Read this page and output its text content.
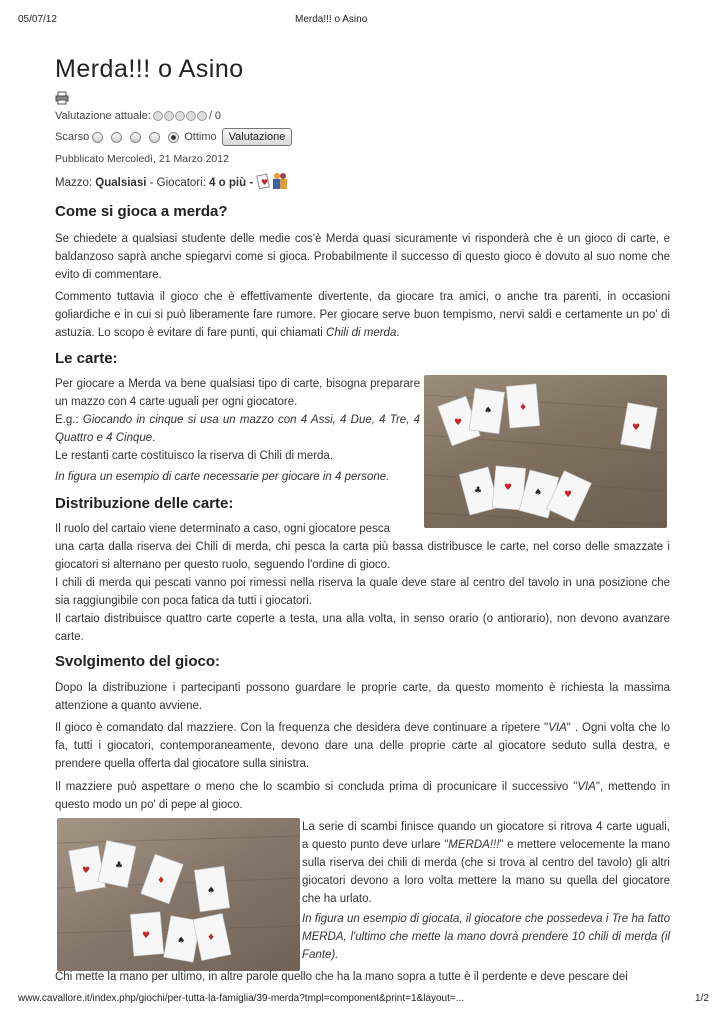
05/07/12	Merda!!! o Asino
Merda!!! o Asino
Valutazione attuale:	/ 0
Scarso	Ottimo	Valutazione
Pubblicato Mercoledì, 21 Marzo 2012
Mazzo:
Qualsiasi
-
Giocatori:
4 o più
-
♥
Come si gioca a merda?

Se chiedete a qualsiasi studente delle medie cos'è Merda quasi sicuramente vi risponderà che è un gioco di carte, e baldanzoso saprà anche spiegarvi come si gioca. Probabilmente il successo di questo gioco è dovuto al suo nome che evito di commentare.

Commento tuttavia il gioco che è effettivamente divertente, da giocare tra amici, o anche tra parenti, in occasioni goliardiche e in cui si può liberamente fare rumore. Per giocare serve buon tempismo, nervi saldi e certamente un po' di astuzia. Lo scopo è evitare di fare punti, qui chiamati Chili di merda.

Le carte:

Per giocare a Merda va bene qualsiasi tipo di carte, bisogna preparare un mazzo con 4 carte uguali per ogni giocatore.
E.g.: Giocando in cinque si usa un mazzo con 4 Assi, 4 Due, 4 Tre, 4 Quattro e 4 Cinque.
Le restanti carte costituisco la riserva di Chili di merda.

In figura un esempio di carte necessarie per giocare in 4 persone.

Distribuzione delle carte:

Il ruolo del cartaio viene determinato a caso, ogni giocatore pesca
una carta dalla riserva dei Chili di merda, chi pesca la carta più bassa distribusce le carte, nel corso delle smazzate i giocatori si alternano per questo ruolo, seguendo l'ordine di gioco.
I chili di merda qui pescati vanno poi rimessi nella riserva la quale deve stare al centro del tavolo in una posizione che sia raggiungibile con poca fatica da tutti i giocatori.
Il cartaio distribuisce quattro carte coperte a testa, una alla volta, in senso orario (o antiorario), non devono avanzare carte.

Svolgimento del gioco:

Dopo la distribuzione i partecipanti possono guardare le proprie carte, da questo momento è richiesta la massima attenzione a quanto avviene.

Il gioco è comandato dal mazziere. Con la frequenza che desidera deve continuare a ripetere "VIA" . Ogni volta che lo fa, tutti i giocatori, contemporaneamente, devono dare una delle proprie carte al giocatore seduto sulla destra, e prendere quella offerta dal giocatore sulla sinistra.

Il mazziere può aspettare o meno che lo scambio si concluda prima di procunicare il successivo "VIA", mettendo in questo modo un po' di pepe al gioco.

La serie di scambi finisce quando un giocatore si ritrova 4 carte uguali, a questo punto deve urlare "MERDA!!!" e mettere velocemente la mano sulla riserva dei chili di merda (che si trova al centro del tavolo) gli altri giocatori devono a loro volta mettere la mano su quella del giocatore che ha urlato.

In figura un esempio di giocata, il giocatore che possedeva i Tre ha fatto MERDA, l'ultimo che mette la mano dovrà prendere 10 chili di merda (il Fante).

Chi mette la mano per ultimo, in altre parole quello che ha la mano sopra a tutte è il perdente e deve pescare dei

♥
♠	♦
♥
♣ ♥ ♠ ♥
♥	♣
♦
♠
♥	♠ ♦
www.cavallore.it/index.php/giochi/per-tutta-la-famiglia/39-merda?tmpl=component&print=1&layout=...	1/2
